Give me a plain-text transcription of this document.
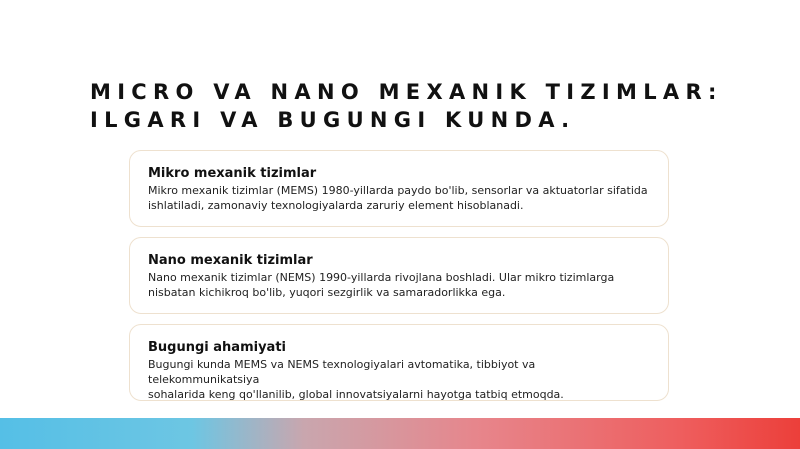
MICRO VA NANO MEXANIK TIZIMLAR:
ILGARI VA BUGUNGI KUNDA.
Mikro mexanik tizimlar
Mikro mexanik tizimlar (MEMS) 1980-yillarda paydo bo'lib, sensorlar va aktuatorlar sifatida
ishlatiladi, zamonaviy texnologiyalarda zaruriy element hisoblanadi.
Nano mexanik tizimlar
Nano mexanik tizimlar (NEMS) 1990-yillarda rivojlana boshladi. Ular mikro tizimlarga
nisbatan kichikroq bo'lib, yuqori sezgirlik va samaradorlikka ega.
Bugungi ahamiyati
Bugungi kunda MEMS va NEMS texnologiyalari avtomatika, tibbiyot va telekommunikatsiya
sohalarida keng qo'llanilib, global innovatsiyalarni hayotga tatbiq etmoqda.
